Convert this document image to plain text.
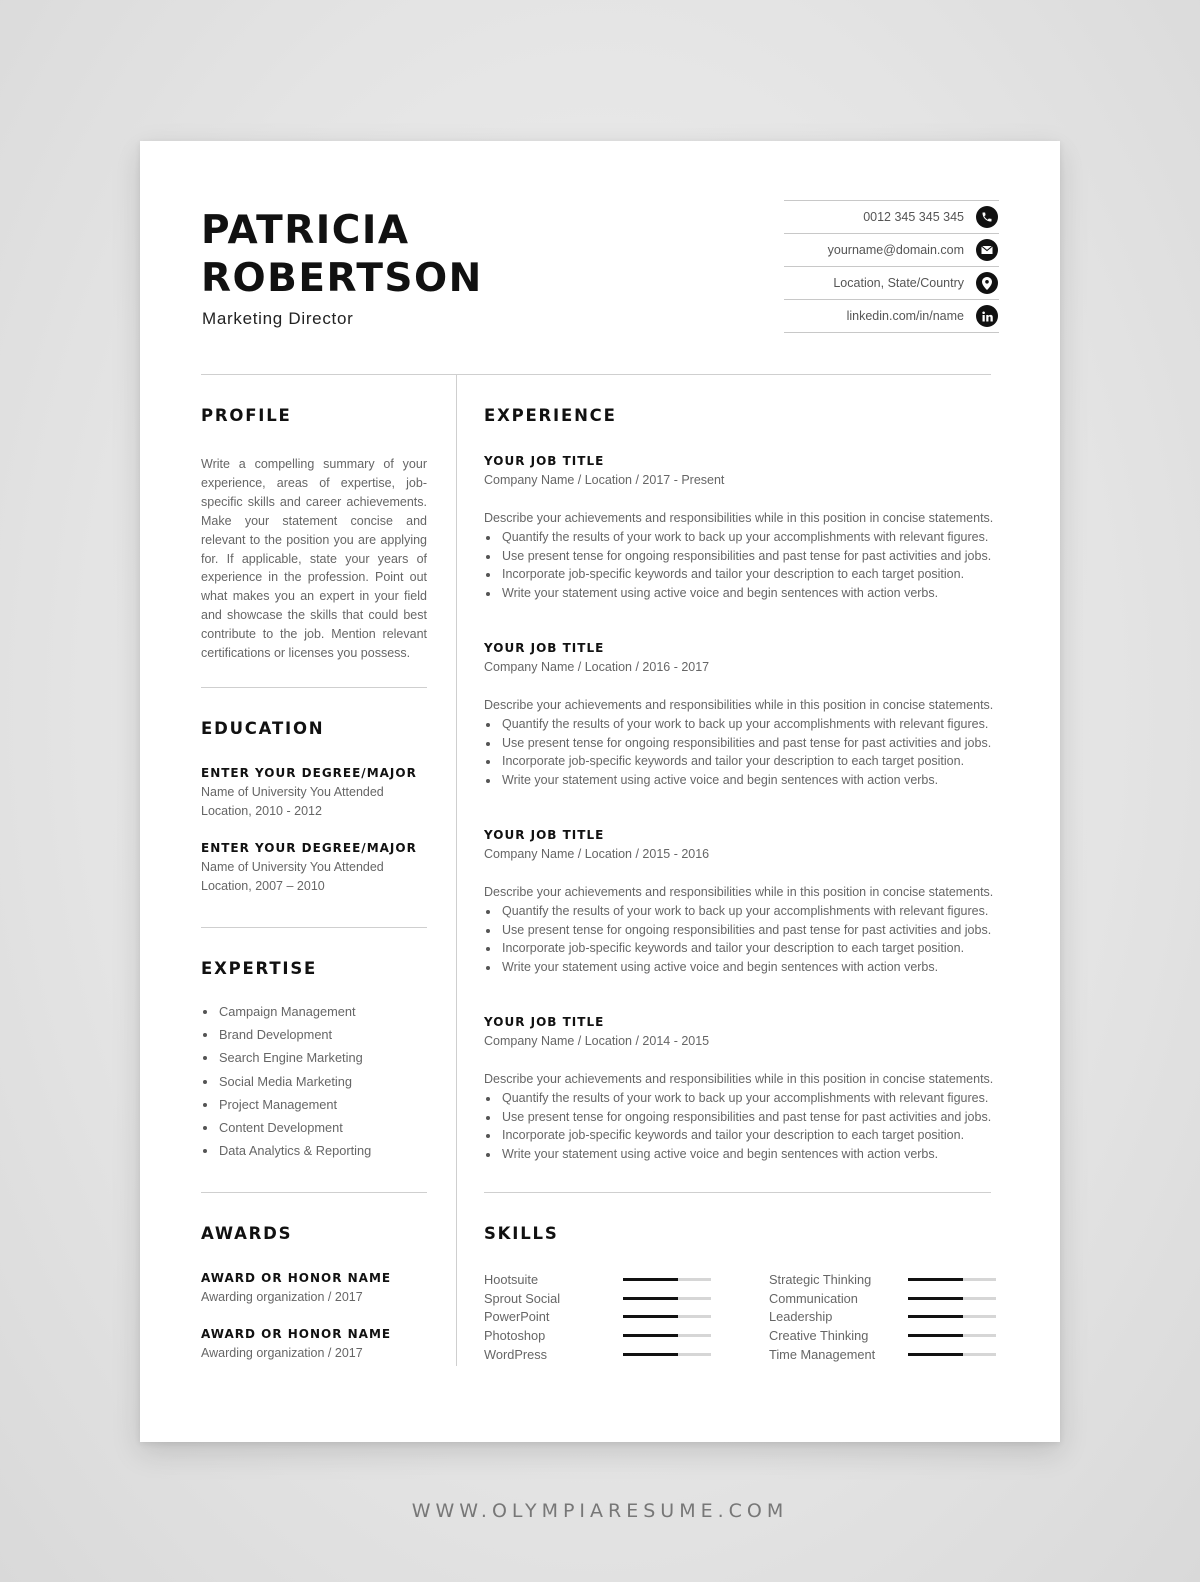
PATRICIA
ROBERTSON
Marketing Director
0012 345 345 345
yourname@domain.com
Location, State/Country
linkedin.com/in/name
PROFILE
Write a compelling summary of your experience, areas of expertise, job-specific skills and career achievements. Make your statement concise and relevant to the position you are applying for. If applicable, state your years of experience in the profession. Point out what makes you an expert in your field and showcase the skills that could best contribute to the job. Mention relevant certifications or licenses you possess.
EDUCATION
ENTER YOUR DEGREE/MAJOR
Name of University You Attended
Location, 2010 - 2012
ENTER YOUR DEGREE/MAJOR
Name of University You Attended
Location, 2007 – 2010
EXPERTISE
Campaign Management
Brand Development
Search Engine Marketing
Social Media Marketing
Project Management
Content Development
Data Analytics & Reporting
AWARDS
AWARD OR HONOR NAME
Awarding organization / 2017
AWARD OR HONOR NAME
Awarding organization / 2017
EXPERIENCE
YOUR JOB TITLE
Company Name / Location / 2017 - Present
Describe your achievements and responsibilities while in this position in concise statements.
Quantify the results of your work to back up your accomplishments with relevant figures.
Use present tense for ongoing responsibilities and past tense for past activities and jobs.
Incorporate job-specific keywords and tailor your description to each target position.
Write your statement using active voice and begin sentences with action verbs.
YOUR JOB TITLE
Company Name / Location / 2016 - 2017
Describe your achievements and responsibilities while in this position in concise statements.
Quantify the results of your work to back up your accomplishments with relevant figures.
Use present tense for ongoing responsibilities and past tense for past activities and jobs.
Incorporate job-specific keywords and tailor your description to each target position.
Write your statement using active voice and begin sentences with action verbs.
YOUR JOB TITLE
Company Name / Location / 2015 - 2016
Describe your achievements and responsibilities while in this position in concise statements.
Quantify the results of your work to back up your accomplishments with relevant figures.
Use present tense for ongoing responsibilities and past tense for past activities and jobs.
Incorporate job-specific keywords and tailor your description to each target position.
Write your statement using active voice and begin sentences with action verbs.
YOUR JOB TITLE
Company Name / Location / 2014 - 2015
Describe your achievements and responsibilities while in this position in concise statements.
Quantify the results of your work to back up your accomplishments with relevant figures.
Use present tense for ongoing responsibilities and past tense for past activities and jobs.
Incorporate job-specific keywords and tailor your description to each target position.
Write your statement using active voice and begin sentences with action verbs.
SKILLS
Hootsuite
Sprout Social
PowerPoint
Photoshop
WordPress
Strategic Thinking
Communication
Leadership
Creative Thinking
Time Management
WWW.OLYMPIARESUME.COM
